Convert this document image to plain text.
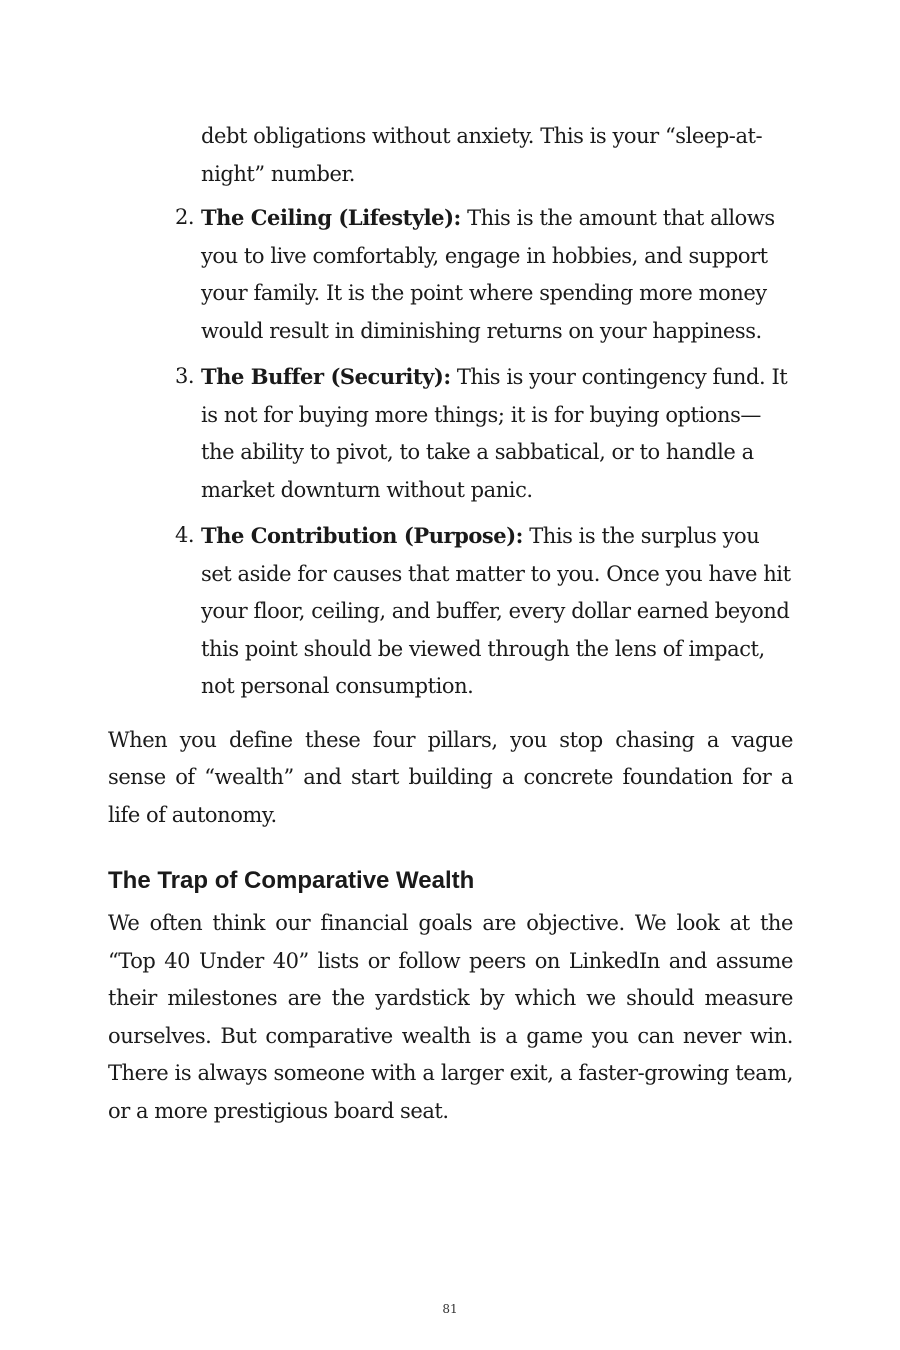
debt obligations without anxiety. This is your “sleep-at-night” number.

2. The Ceiling (Lifestyle): This is the amount that allows you to live comfortably, engage in hobbies, and support your family. It is the point where spending more money would result in diminishing returns on your happiness.
3. The Buffer (Security): This is your contingency fund. It is not for buying more things; it is for buying options—the ability to pivot, to take a sabbatical, or to handle a market downturn without panic.
4. The Contribution (Purpose): This is the surplus you set aside for causes that matter to you. Once you have hit your floor, ceiling, and buffer, every dollar earned beyond this point should be viewed through the lens of impact, not personal consumption.

When you define these four pillars, you stop chasing a vague sense of “wealth” and start building a concrete foundation for a life of autonomy.

The Trap of Comparative Wealth

We often think our financial goals are objective. We look at the “Top 40 Under 40” lists or follow peers on LinkedIn and assume their milestones are the yardstick by which we should measure ourselves. But comparative wealth is a game you can never win. There is always someone with a larger exit, a faster-growing team, or a more prestigious board seat.

81
